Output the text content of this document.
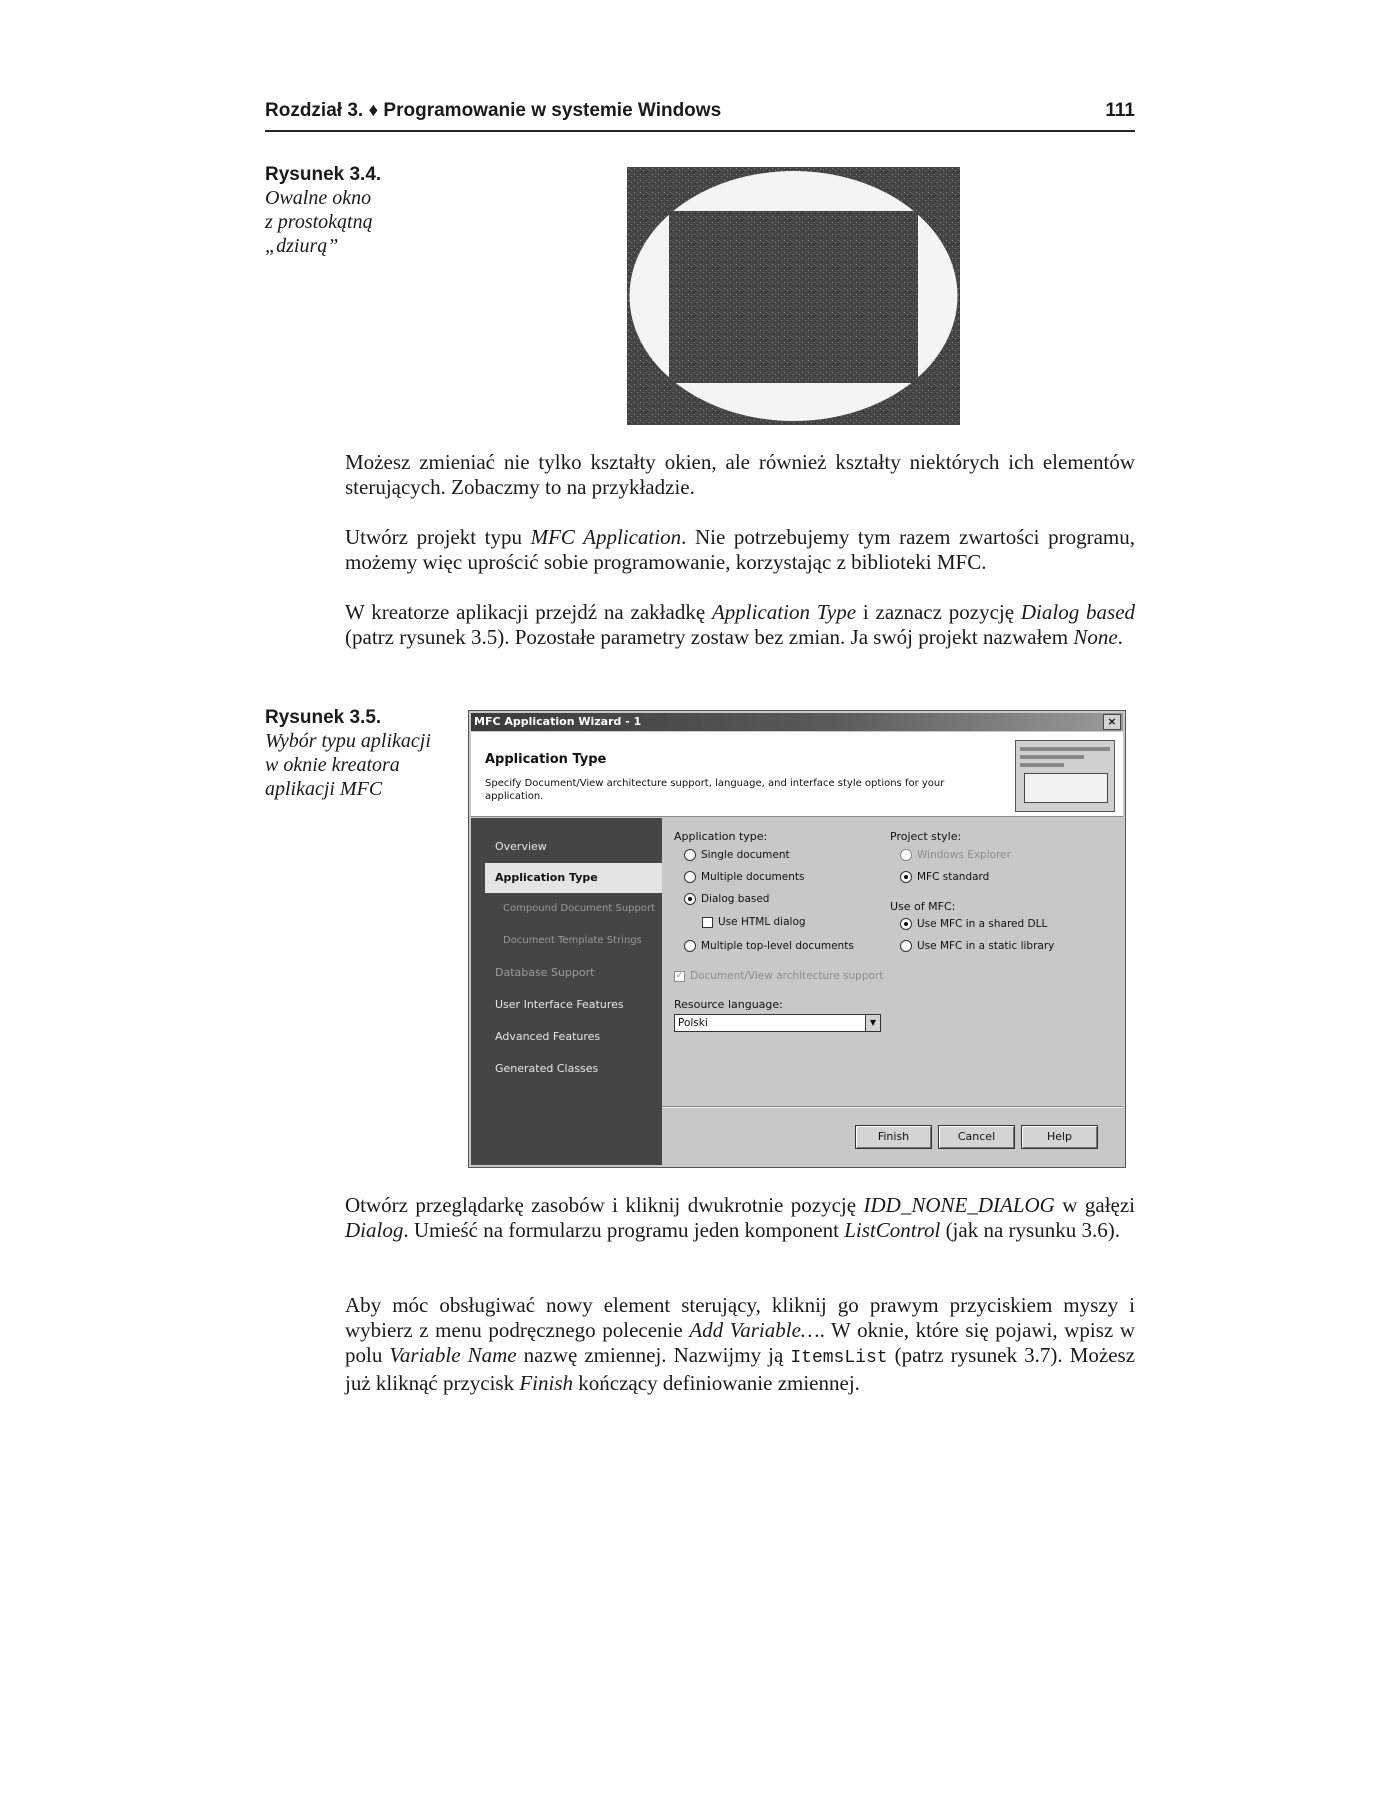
Rozdział 3. ♦ Programowanie w systemie Windows	111
Rysunek 3.4.
Owalne okno
z prostokątną
„dziurą”
Możesz zmieniać nie tylko kształty okien, ale również kształty niektórych ich elementów sterujących. Zobaczmy to na przykładzie.
Utwórz projekt typu MFC Application. Nie potrzebujemy tym razem zwartości programu, możemy więc uprościć sobie programowanie, korzystając z biblioteki MFC.
W kreatorze aplikacji przejdź na zakładkę Application Type i zaznacz pozycję Dialog based (patrz rysunek 3.5). Pozostałe parametry zostaw bez zmian. Ja swój projekt nazwałem None.
Rysunek 3.5.
Wybór typu aplikacji
w oknie kreatora
aplikacji MFC
MFC Application Wizard - 1	×
Application Type
Specify Document/View architecture support, language, and interface style options for your application.
Overview
Application Type
Compound Document Support
Document Template Strings
Database Support
User Interface Features
Advanced Features
Generated Classes
Application type:
Single document
Multiple documents
Dialog based
Use HTML dialog
Multiple top-level documents
✓ Document/View architecture support
Resource language:
Polski	▼
Project style:
Windows Explorer
MFC standard
Use of MFC:
Use MFC in a shared DLL
Use MFC in a static library
Finish	Cancel	Help
Otwórz przeglądarkę zasobów i kliknij dwukrotnie pozycję IDD_NONE_DIALOG w gałęzi Dialog. Umieść na formularzu programu jeden komponent ListControl (jak na rysunku 3.6).
Aby móc obsługiwać nowy element sterujący, kliknij go prawym przyciskiem myszy i wybierz z menu podręcznego polecenie Add Variable…. W oknie, które się pojawi, wpisz w polu Variable Name nazwę zmiennej. Nazwijmy ją ItemsList (patrz rysunek 3.7). Możesz już kliknąć przycisk Finish kończący definiowanie zmiennej.
